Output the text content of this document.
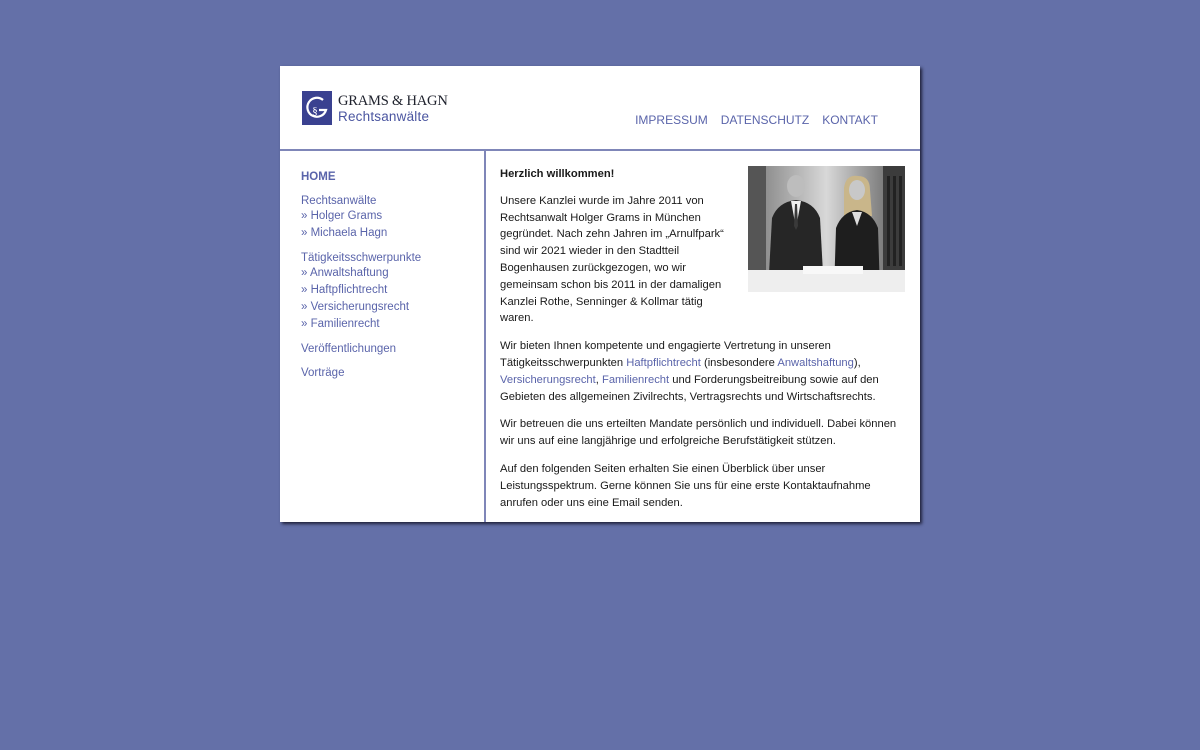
§
GRAMS & HAGN
Rechtsanwälte	IMPRESSUM DATENSCHUTZ KONTAKT
HOME
Rechtsanwälte
» Holger Grams
» Michaela Hagn
Tätigkeitsschwerpunkte
» Anwaltshaftung
» Haftpflichtrecht
» Versicherungsrecht
» Familienrecht
Veröffentlichungen
Vorträge

Herzlich willkommen!

Unsere Kanzlei wurde im Jahre 2011 von Rechtsanwalt Holger Grams in München gegründet. Nach zehn Jahren im „Arnulfpark“ sind wir 2021 wieder in den Stadtteil Bogenhausen zurückgezogen, wo wir gemeinsam schon bis 2011 in der damaligen Kanzlei Rothe, Senninger & Kollmar tätig waren.

Wir bieten Ihnen kompetente und engagierte Vertretung in unseren Tätigkeitsschwerpunkten Haftpflichtrecht (insbesondere Anwaltshaftung), Versicherungsrecht, Familienrecht und Forderungsbeitreibung sowie auf den Gebieten des allgemeinen Zivilrechts, Vertragsrechts und Wirtschaftsrechts.

Wir betreuen die uns erteilten Mandate persönlich und individuell. Dabei können wir uns auf eine langjährige und erfolgreiche Berufstätigkeit stützen.

Auf den folgenden Seiten erhalten Sie einen Überblick über unser Leistungsspektrum. Gerne können Sie uns für eine erste Kontaktaufnahme anrufen oder uns eine Email senden.
